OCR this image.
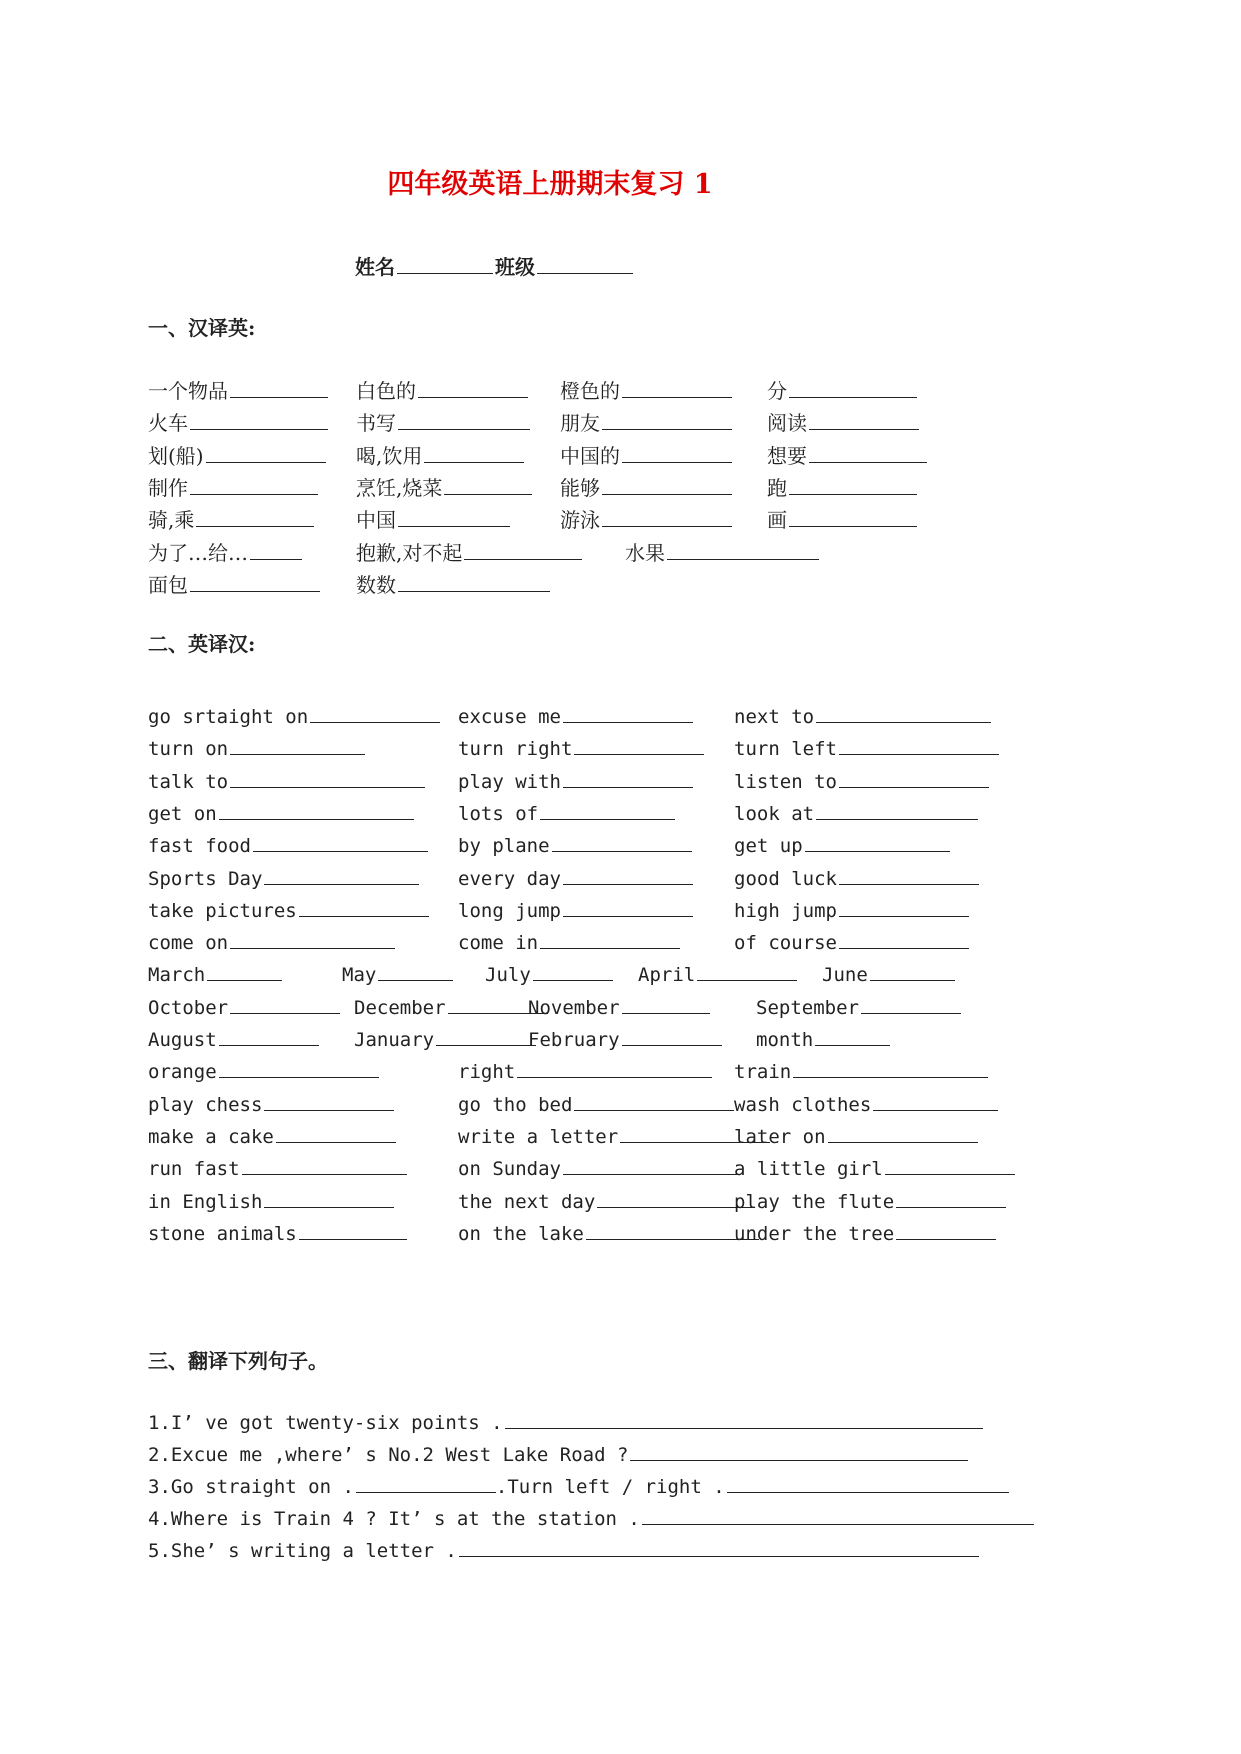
四年级英语上册期末复习 1
姓名	班级
一、汉译英:
一个物品	白色的	橙色的	分
火车	书写	朋友	阅读
划(船)	喝,饮用	中国的	想要
制作	烹饪,烧菜	能够	跑
骑,乘	中国	游泳	画
为了…给…	抱歉,对不起	水果
面包	数数
二、英译汉:
go srtaight on	excuse me	next to
turn on	turn right	turn left
talk to	play with	listen to
get on	lots of	look at
fast food	by plane	get up
Sports Day	every day	good luck
take pictures	long jump	high jump
come on	come in	of course
March	May	July	April	June
October	December	November	September
August	January	February	month
orange	right	train
play chess	go tho bed	wash clothes
make a cake	write a letter	later on
run fast	on Sunday	a little girl
in English	the next day	play the flute
stone animals	on the lake	under the tree
三、翻译下列句子。
1.I’ ve got twenty-six points .
2.Excue me ,where’ s No.2 West Lake Road ?
3.Go straight on .	.Turn left / right .
4.Where is Train 4 ? It’ s at the station .
5.She’ s writing a letter .
